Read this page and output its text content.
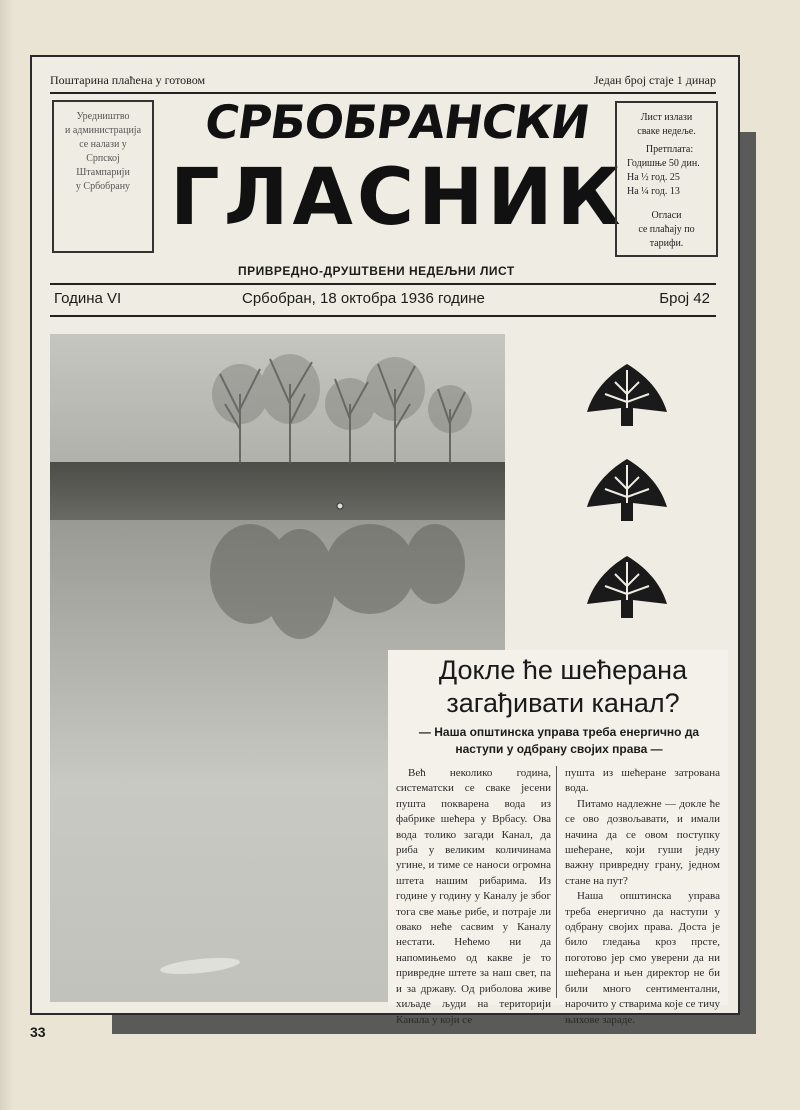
Поштарина плаћена у готовом	Један број стаје 1 динар
Уредништво
и администрација
се налази у
Српској
Штампарији
у Србобрану
СРБОБРАНСКИ
ГЛАСНИК
Лист излази
сваке недеље.
Претплата:
Годишње 50 дин.
На ½ год. 25
На ¼ год. 13
Огласи
се плаћају по
тарифи.
ПРИВРЕДНО-ДРУШТВЕНИ НЕДЕЉНИ ЛИСТ
Година VI	Србобран, 18 октобра 1936 године	Број 42
Докле ће шећерана загађивати канал?
— Наша општинска управа треба енергично да наступи у одбрану својих права —

Већ неколико година, систематски се сваке јесени пушта покварена вода из фабрике шећера у Врбасу. Ова вода толико загади Канал, да риба у великим количинама угине, и тиме се наноси огромна штета нашим рибарима. Из године у годину у Каналу је због тога све мање рибе, и потраје ли овако неће сасвим у Каналу нестати. Нећемо ни да напомињемо од какве је то привредне штете за наш свет, па и за државу. Од риболова живе хиљаде људи на територији Канала у који се

пушта из шећеране затрована вода.

Питамо надлежне — докле ће се ово дозвољавати, и имали начина да се овом поступку шећеране, који гуши једну важну привредну грану, једном стане на пут?

Наша општинска управа треба енергично да наступи у одбрану својих права. Доста је било гледања кроз прсте, поготово јер смо уверени да ни шећерана и њен директор не би били много сентиментални, нарочито у стварима које се тичу њихове зараде.

33
